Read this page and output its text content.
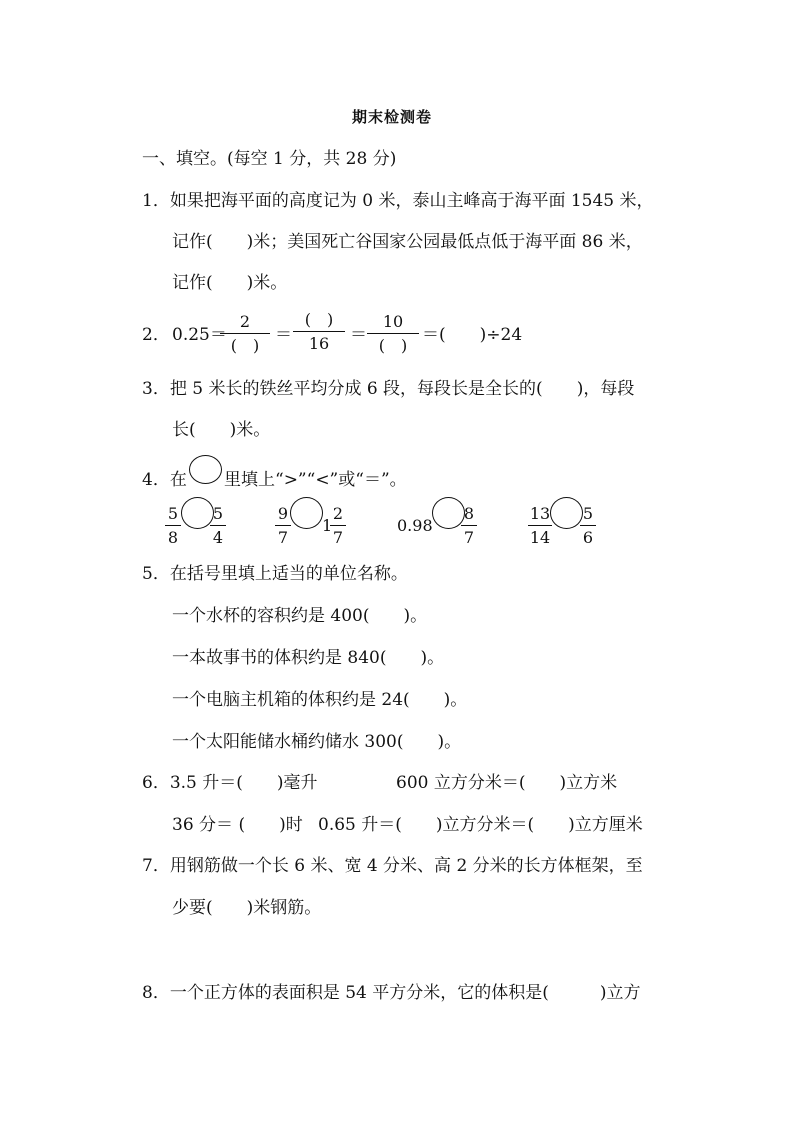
期末检测卷
一、填空。(每空 1 分，共 28 分)
1．如果把海平面的高度记为 0 米，泰山主峰高于海平面 1545 米，
记作(　　)米；美国死亡谷国家公园最低点低于海平面 86 米，
记作(　　)米。
2． 0.25＝
2
(　)
＝
(　)
16 ＝
10
(　)
＝(　　)÷24
3．把 5 米长的铁丝平均分成 6 段，每段长是全长的(　　)，每段
长(　　)米。
4．在 里填上“>”“<”或“＝”。
5
8
5
4
9
7
1
2
7
0.98
8
7
13
14
5
6
5．在括号里填上适当的单位名称。
一个水杯的容积约是 400(　　)。
一本故事书的体积约是 840(　　)。
一个电脑主机箱的体积约是 24(　　)。
一个太阳能储水桶约储水 300(　　)。
6．3.5 升＝(　　)毫升	600 立方分米＝(　　)立方米
36 分＝ (　　)时 0.65 升＝(　　)立方分米＝(　　)立方厘米
7．用钢筋做一个长 6 米、宽 4 分米、高 2 分米的长方体框架，至
少要(　　)米钢筋。
8．一个正方体的表面积是 54 平方分米，它的体积是(　　　)立方
